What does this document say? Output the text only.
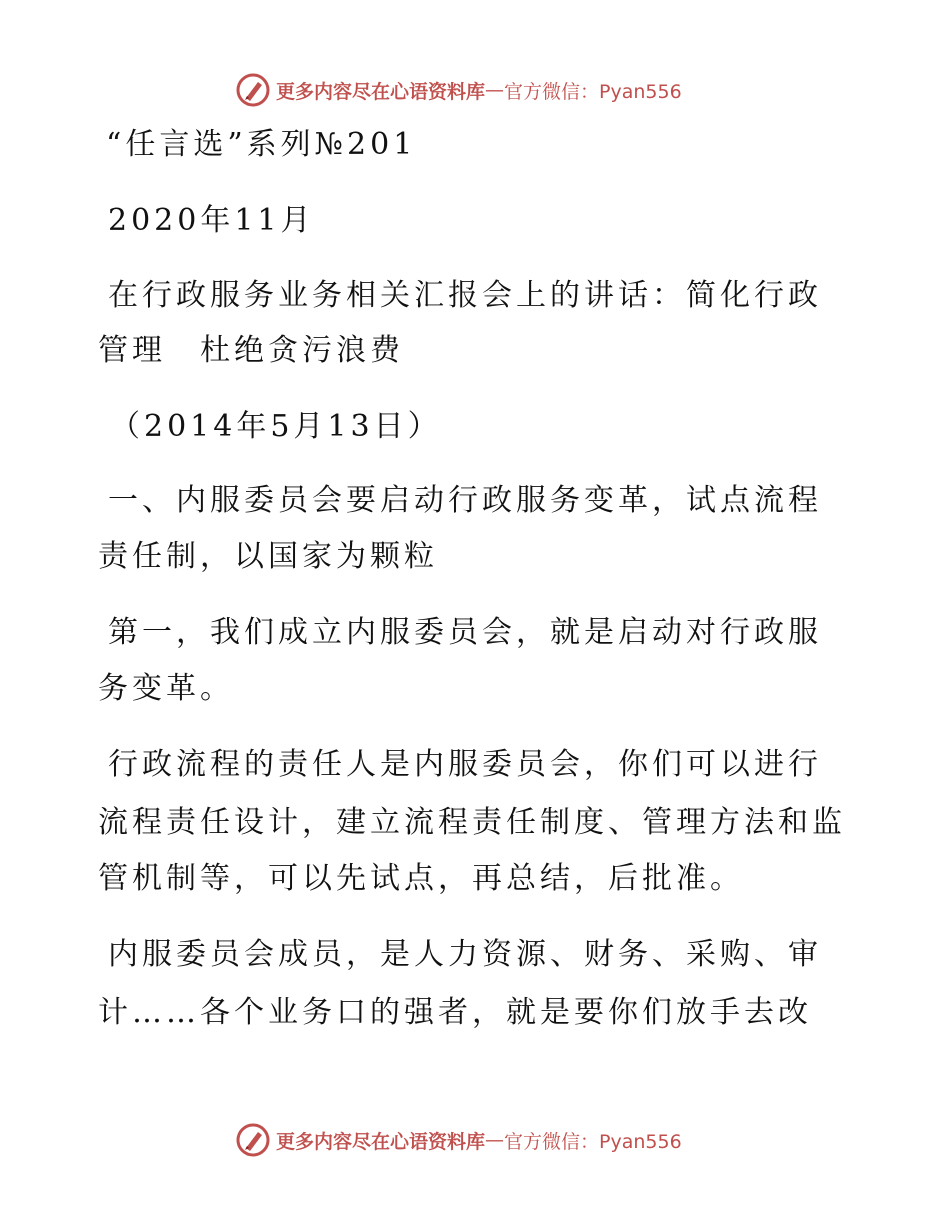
更多内容尽在心语资料库 — 官方微信：Pyan556
“任言选”系列№201
2020年11月
在行政服务业务相关汇报会上的讲话：简化行政
管理　杜绝贪污浪费
（2014年5月13日）
一、内服委员会要启动行政服务变革，试点流程
责任制，以国家为颗粒
第一，我们成立内服委员会，就是启动对行政服
务变革。
行政流程的责任人是内服委员会，你们可以进行
流程责任设计，建立流程责任制度、管理方法和监
管机制等，可以先试点，再总结，后批准。
内服委员会成员，是人力资源、财务、采购、审
计……各个业务口的强者，就是要你们放手去改
更多内容尽在心语资料库 — 官方微信：Pyan556
